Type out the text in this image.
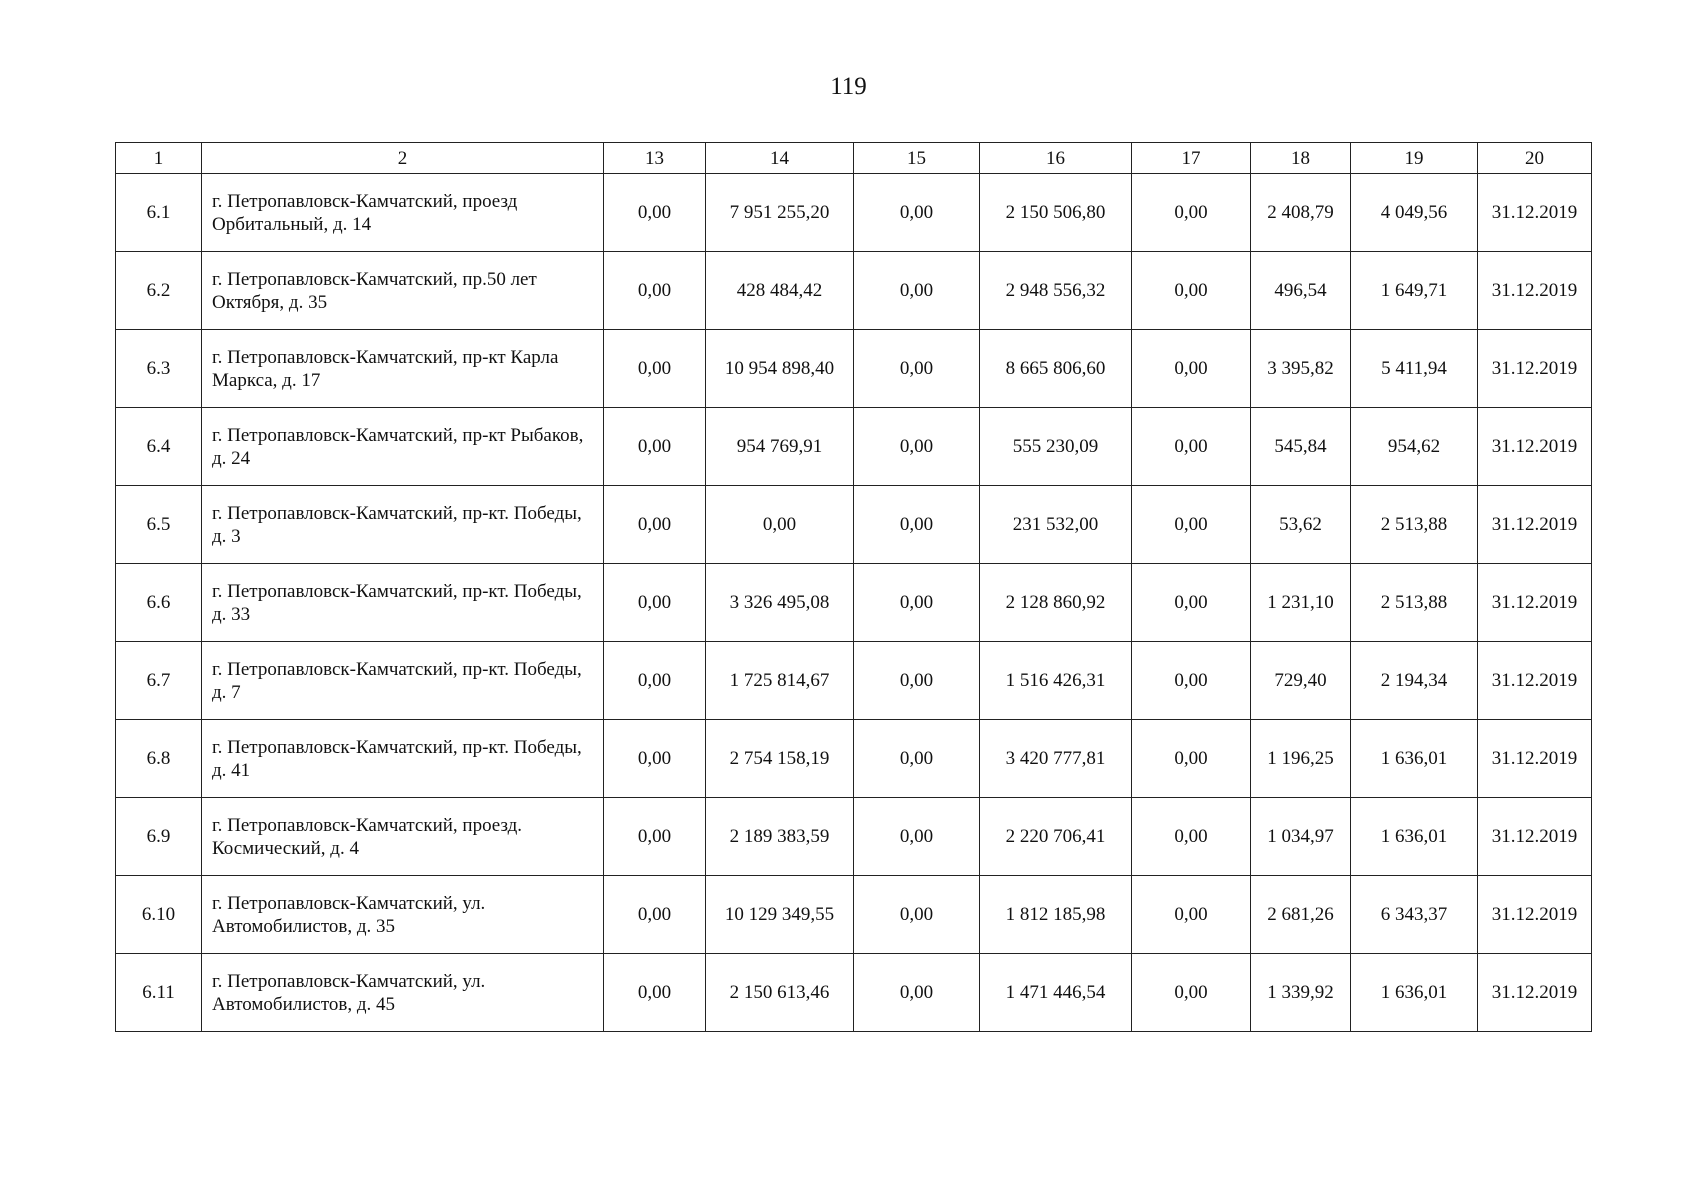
119
1	2	13	14	15	16	17	18	19	20
6.1	г. Петропавловск-Камчатский, проезд Орбитальный, д. 14	0,00	7 951 255,20	0,00	2 150 506,80	0,00	2 408,79	4 049,56	31.12.2019
6.2	г. Петропавловск-Камчатский, пр.50 лет Октября, д. 35	0,00	428 484,42	0,00	2 948 556,32	0,00	496,54	1 649,71	31.12.2019
6.3	г. Петропавловск-Камчатский, пр-кт Карла Маркса, д. 17	0,00	10 954 898,40	0,00	8 665 806,60	0,00	3 395,82	5 411,94	31.12.2019
6.4	г. Петропавловск-Камчатский, пр-кт Рыбаков, д. 24	0,00	954 769,91	0,00	555 230,09	0,00	545,84	954,62	31.12.2019
6.5	г. Петропавловск-Камчатский, пр-кт. Победы, д. 3	0,00	0,00	0,00	231 532,00	0,00	53,62	2 513,88	31.12.2019
6.6	г. Петропавловск-Камчатский, пр-кт. Победы, д. 33	0,00	3 326 495,08	0,00	2 128 860,92	0,00	1 231,10	2 513,88	31.12.2019
6.7	г. Петропавловск-Камчатский, пр-кт. Победы, д. 7	0,00	1 725 814,67	0,00	1 516 426,31	0,00	729,40	2 194,34	31.12.2019
6.8	г. Петропавловск-Камчатский, пр-кт. Победы, д. 41	0,00	2 754 158,19	0,00	3 420 777,81	0,00	1 196,25	1 636,01	31.12.2019
6.9	г. Петропавловск-Камчатский, проезд. Космический, д. 4	0,00	2 189 383,59	0,00	2 220 706,41	0,00	1 034,97	1 636,01	31.12.2019
6.10	г. Петропавловск-Камчатский, ул. Автомобилистов, д. 35	0,00	10 129 349,55	0,00	1 812 185,98	0,00	2 681,26	6 343,37	31.12.2019
6.11	г. Петропавловск-Камчатский, ул. Автомобилистов, д. 45	0,00	2 150 613,46	0,00	1 471 446,54	0,00	1 339,92	1 636,01	31.12.2019
